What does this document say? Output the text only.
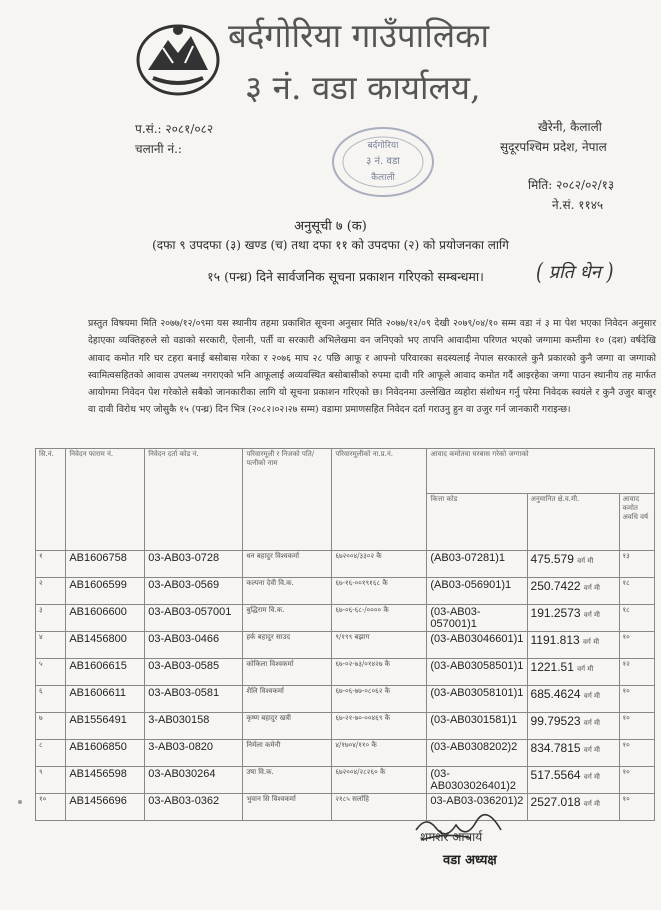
बर्दगोरिया गाउँपालिका
३ नं. वडा कार्यालय,
प.सं.: २०८१/०८२
चलानी नं.:
खैरेनी, कैलाली
सुदूरपश्चिम प्रदेश, नेपाल
मिति: २०८२/०२/१३
ने.सं. ११४५
बर्दगोरिया
३ नं. वडा
कैलाली
अनुसूची ७ (क)
(दफा ९ उपदफा (३) खण्ड (च) तथा दफा ११ को उपदफा (२) को प्रयोजनका लागि
१५ (पन्ध्र) दिने सार्वजनिक सूचना प्रकाशन गरिएको सम्बन्धमा।	( प्रति धेन )
प्रस्तुत विषयमा मिति २०७७/१२/०९मा यस स्थानीय तहमा प्रकाशित सूचना अनुसार मिति २०७७/१२/०९ देखी २०७९/०४/१० सम्म वडा नं ३ मा पेश भएका निवेदन अनुसार देहाएका व्यक्तिहरुले सो वडाको सरकारी, ऐलानी, पर्ती वा सरकारी अभिलेखमा वन जनिएको भए तापनि आवादीमा परिणत भएको जग्गामा कम्तीमा १० (दश) वर्षदेखि आवाद कमोत गरि घर टहरा बनाई बसोबास गरेका र २०७६ माघ २८ पछि आफू र आफ्नो परिवारका सदस्यलाई नेपाल सरकारले कुनै प्रकारको कुनै जग्गा वा जग्गाको स्वामित्वसहितको आवास उपलब्ध नगराएको भनि आफूलाई अव्यवस्थित बसोबासीको रुपमा दावी गरि आफूले आवाद कमोत गर्दै आइरहेका जग्गा पाउन स्थानीय तह मार्फत आयोगमा निवेदन पेश गरेकोले सबैको जानकारीका लागि यो सूचना प्रकाशन गरिएको छ। निवेदनमा उल्लेखित व्यहोरा संशोधन गर्नु परेमा निवेदक स्वयंले र कुनै उजुर बाजुर वा दावी विरोध भए जोसुकै १५ (पन्ध्र) दिन भित्र (२०८२।०२।२७ सम्म) वडामा प्रमाणसहित निवेदन दर्ता गराउनु हुन वा उजुर गर्न जानकारी गराइन्छ।
सि.नं.	निवेदन फाराम नं.	निवेदन दर्ता कोड नं.	परिवारमूली र निजको पति/पत्नीको नाम	परिवारमूलीको ना.प्र.नं.	आवाद कमोतवा घरबास गरेको जग्गाको		
					कित्ता कोड	अनुमानित क्षे.व.मी.	आवाद कमोत अवधि वर्ष
१	AB1606758	03-AB03-0728	धन बहादुर विश्वकर्मा	६७२००४/३३०२ कै	(AB03-07281)1	475.579 वर्ग मी	१३
२	AB1606599	03-AB03-0569	कल्पना देवी वि.क.	६७-१६-००१९१६८ कै	(AB03-056901)1	250.7422 वर्ग मी	१८
३	AB1606600	03-AB03-057001	बुद्धिराम वि.क.	६७-०६-६८-/०००० कै	(03-AB03-057001)1	191.2573 वर्ग मी	१८
४	AB1456800	03-AB03-0466	हर्क बहादुर साउद	९/१९९ बझाग	(03-AB03046601)1	1191.813 वर्ग मी	१०
५	AB1606615	03-AB03-0585	कोकिला विश्वकर्मा	६७-०२-७३/०१४२७ कै	(03-AB03058501)1	1221.51 वर्ग मी	१२
६	AB1606611	03-AB03-0581	शैलि विश्वकर्मा	६७-०६-७७-०८०६२ कै	(03-AB03058101)1	685.4624 वर्ग मी	१०
७	AB1556491	3-AB030158	कृष्ण बहादुर खत्री	६७-२१-७०-००४६९ कै	(03-AB0301581)1	99.79523 वर्ग मी	१०
८	AB1606850	3-AB03-0820	निर्मला कमेनी	४/१७०४/११० कै	(03-AB0308202)2	834.7815 वर्ग मी	१०
९	AB1456598	03-AB030264	उषा वि.क.	६७२००४/२८२६० कै	(03-AB0303026401)2	517.5564 वर्ग मी	१०
१०	AB1456696	03-AB03-0362	भुवान सि विश्वकर्मा	२१८५ सर्लाहि	03-AB03-036201)2	2527.018 वर्ग मी	१०
शमशेर आचार्य
वडा अध्यक्ष
